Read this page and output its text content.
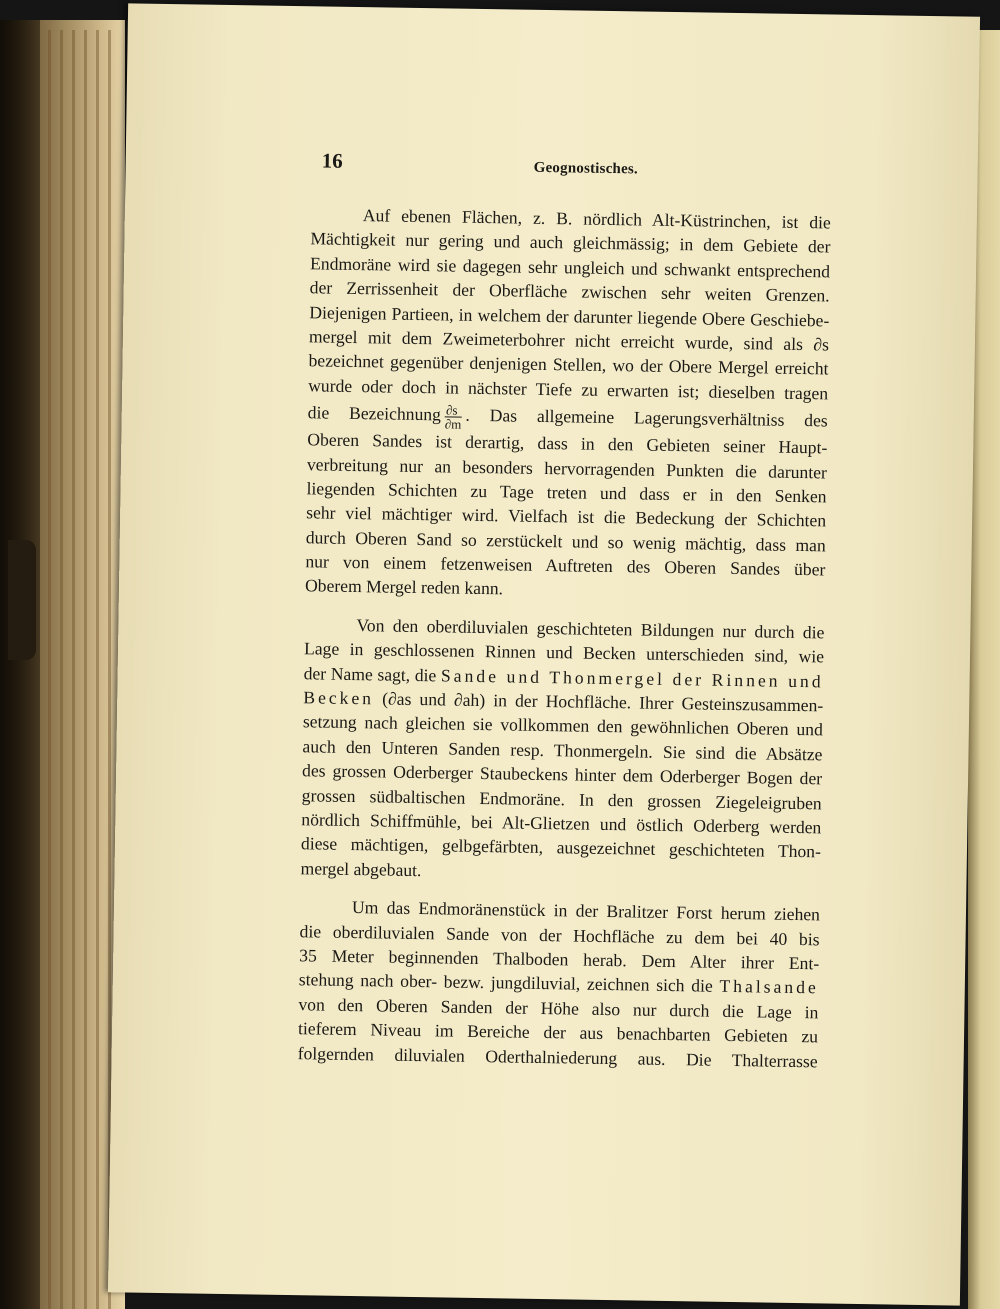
16	Geognostisches.
Auf ebenen Flächen, z. B. nördlich Alt-Küstrinchen, ist die
Mächtigkeit nur gering und auch gleichmässig; in dem Gebiete der
Endmoräne wird sie dagegen sehr ungleich und schwankt entsprechend
der Zerrissenheit der Oberfläche zwischen sehr weiten Grenzen.
Diejenigen Partieen, in welchem der darunter liegende Obere Geschiebe-
mergel mit dem Zweimeterbohrer nicht erreicht wurde, sind als ∂s
bezeichnet gegenüber denjenigen Stellen, wo der Obere Mergel erreicht
wurde oder doch in nächster Tiefe zu erwarten ist; dieselben tragen
die Bezeichnung $\frac{\partial s}{\partial m}$ . Das allgemeine Lagerungsverhältniss des
Oberen Sandes ist derartig, dass in den Gebieten seiner Haupt-
verbreitung nur an besonders hervorragenden Punkten die darunter
liegenden Schichten zu Tage treten und dass er in den Senken
sehr viel mächtiger wird. Vielfach ist die Bedeckung der Schichten
durch Oberen Sand so zerstückelt und so wenig mächtig, dass man
nur von einem fetzenweisen Auftreten des Oberen Sandes über
Oberem Mergel reden kann.
Von den oberdiluvialen geschichteten Bildungen nur durch die
Lage in geschlossenen Rinnen und Becken unterschieden sind, wie
der Name sagt, die Sande und Thonmergel der Rinnen und
Becken (∂as und ∂ah) in der Hochfläche. Ihrer Gesteinszusammen-
setzung nach gleichen sie vollkommen den gewöhnlichen Oberen und
auch den Unteren Sanden resp. Thonmergeln. Sie sind die Absätze
des grossen Oderberger Staubeckens hinter dem Oderberger Bogen der
grossen südbaltischen Endmoräne. In den grossen Ziegeleigruben
nördlich Schiffmühle, bei Alt-Glietzen und östlich Oderberg werden
diese mächtigen, gelbgefärbten, ausgezeichnet geschichteten Thon-
mergel abgebaut.
Um das Endmoränenstück in der Bralitzer Forst herum ziehen
die oberdiluvialen Sande von der Hochfläche zu dem bei 40 bis
35 Meter beginnenden Thalboden herab. Dem Alter ihrer Ent-
stehung nach ober- bezw. jungdiluvial, zeichnen sich die Thalsande
von den Oberen Sanden der Höhe also nur durch die Lage in
tieferem Niveau im Bereiche der aus benachbarten Gebieten zu
folgernden diluvialen Oderthalniederung aus. Die Thalterrasse
